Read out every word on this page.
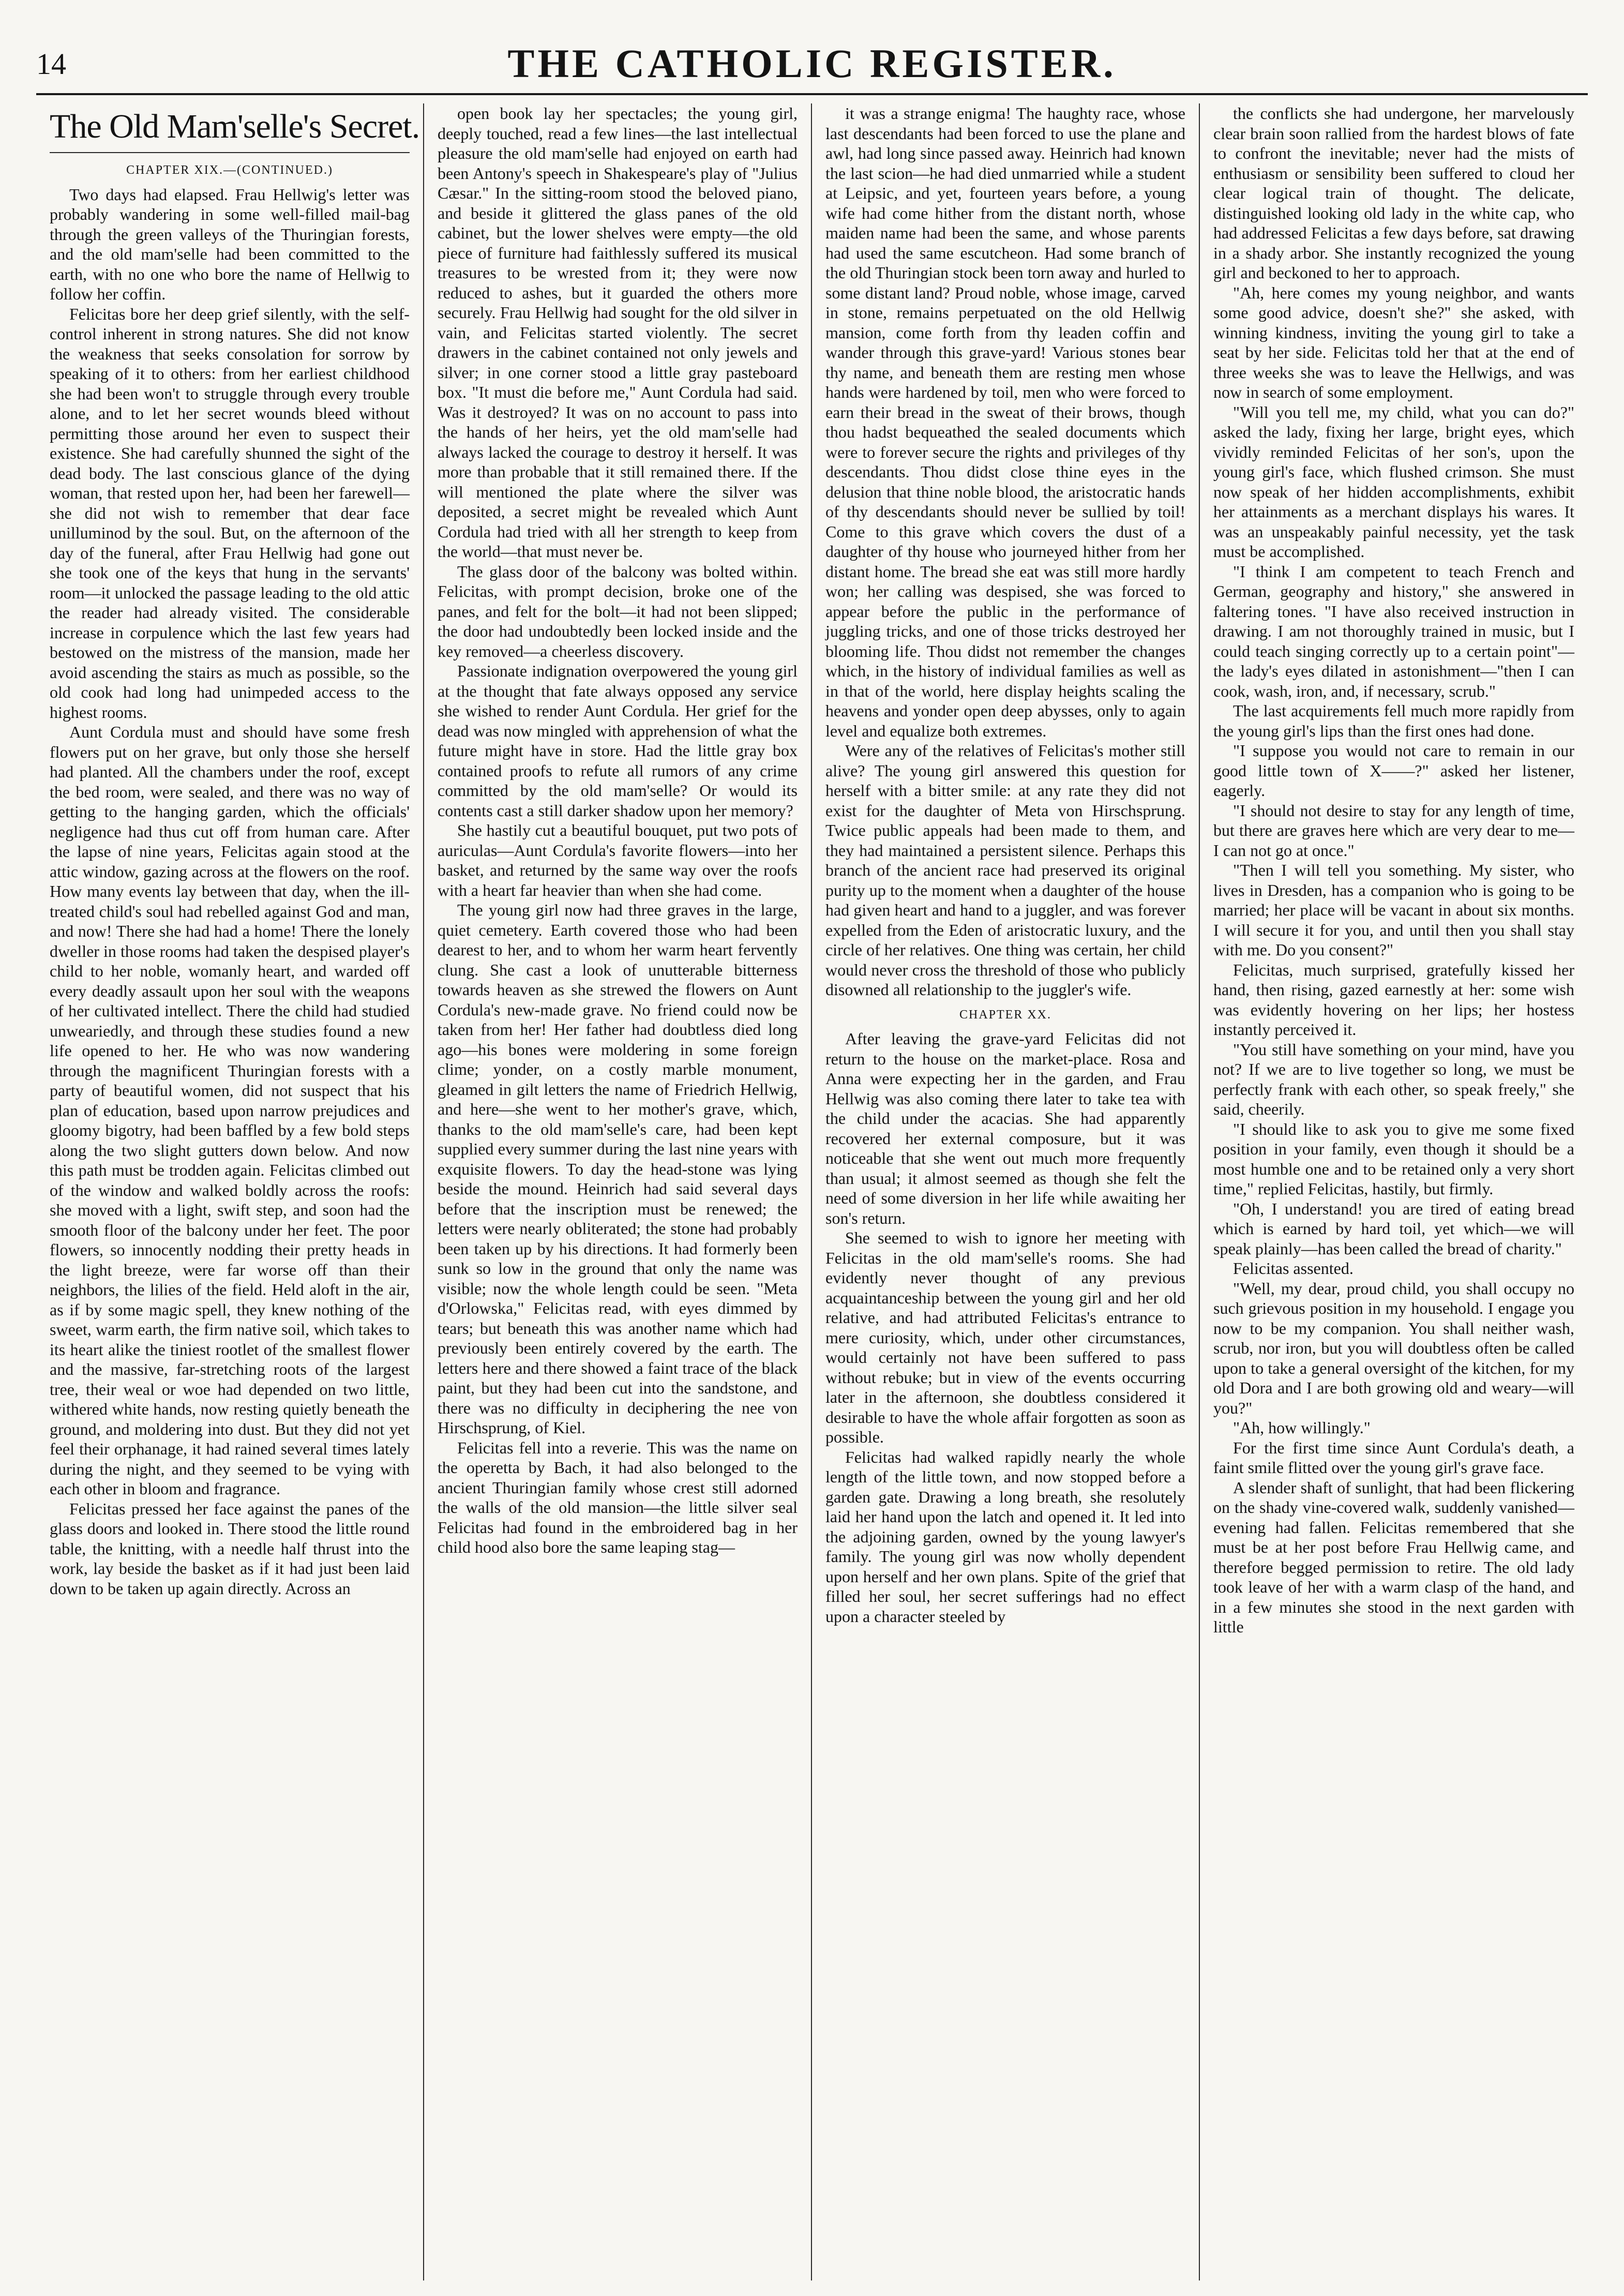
14	THE CATHOLIC REGISTER.
The Old Mam'selle's Secret.
CHAPTER XIX.—(CONTINUED.)

Two days had elapsed. Frau Hellwig's letter was probably wandering in some well-filled mail-bag through the green valleys of the Thuringian forests, and the old mam'selle had been committed to the earth, with no one who bore the name of Hellwig to follow her coffin.

Felicitas bore her deep grief silently, with the self-control inherent in strong natures. She did not know the weakness that seeks consolation for sorrow by speaking of it to others: from her earliest childhood she had been won't to struggle through every trouble alone, and to let her secret wounds bleed without permitting those around her even to suspect their existence. She had carefully shunned the sight of the dead body. The last conscious glance of the dying woman, that rested upon her, had been her farewell—she did not wish to remember that dear face unilluminod by the soul. But, on the afternoon of the day of the funeral, after Frau Hellwig had gone out she took one of the keys that hung in the servants' room—it unlocked the passage leading to the old attic the reader had already visited. The considerable increase in corpulence which the last few years had bestowed on the mistress of the mansion, made her avoid ascending the stairs as much as possible, so the old cook had long had unimpeded access to the highest rooms.

Aunt Cordula must and should have some fresh flowers put on her grave, but only those she herself had planted. All the chambers under the roof, except the bed room, were sealed, and there was no way of getting to the hanging garden, which the officials' negligence had thus cut off from human care. After the lapse of nine years, Felicitas again stood at the attic window, gazing across at the flowers on the roof. How many events lay between that day, when the ill-treated child's soul had rebelled against God and man, and now! There she had had a home! There the lonely dweller in those rooms had taken the despised player's child to her noble, womanly heart, and warded off every deadly assault upon her soul with the weapons of her cultivated intellect. There the child had studied unweariedly, and through these studies found a new life opened to her. He who was now wandering through the magnificent Thuringian forests with a party of beautiful women, did not suspect that his plan of education, based upon narrow prejudices and gloomy bigotry, had been baffled by a few bold steps along the two slight gutters down below. And now this path must be trodden again. Felicitas climbed out of the window and walked boldly across the roofs: she moved with a light, swift step, and soon had the smooth floor of the balcony under her feet. The poor flowers, so innocently nodding their pretty heads in the light breeze, were far worse off than their neighbors, the lilies of the field. Held aloft in the air, as if by some magic spell, they knew nothing of the sweet, warm earth, the firm native soil, which takes to its heart alike the tiniest rootlet of the smallest flower and the massive, far-stretching roots of the largest tree, their weal or woe had depended on two little, withered white hands, now resting quietly beneath the ground, and moldering into dust. But they did not yet feel their orphanage, it had rained several times lately during the night, and they seemed to be vying with each other in bloom and fragrance.

Felicitas pressed her face against the panes of the glass doors and looked in. There stood the little round table, the knitting, with a needle half thrust into the work, lay beside the basket as if it had just been laid down to be taken up again directly. Across an

open book lay her spectacles; the young girl, deeply touched, read a few lines—the last intellectual pleasure the old mam'selle had enjoyed on earth had been Antony's speech in Shakespeare's play of "Julius Cæsar." In the sitting-room stood the beloved piano, and beside it glittered the glass panes of the old cabinet, but the lower shelves were empty—the old piece of furniture had faithlessly suffered its musical treasures to be wrested from it; they were now reduced to ashes, but it guarded the others more securely. Frau Hellwig had sought for the old silver in vain, and Felicitas started violently. The secret drawers in the cabinet contained not only jewels and silver; in one corner stood a little gray pasteboard box. "It must die before me," Aunt Cordula had said. Was it destroyed? It was on no account to pass into the hands of her heirs, yet the old mam'selle had always lacked the courage to destroy it herself. It was more than probable that it still remained there. If the will mentioned the plate where the silver was deposited, a secret might be revealed which Aunt Cordula had tried with all her strength to keep from the world—that must never be.

The glass door of the balcony was bolted within. Felicitas, with prompt decision, broke one of the panes, and felt for the bolt—it had not been slipped; the door had undoubtedly been locked inside and the key removed—a cheerless discovery.

Passionate indignation overpowered the young girl at the thought that fate always opposed any service she wished to render Aunt Cordula. Her grief for the dead was now mingled with apprehension of what the future might have in store. Had the little gray box contained proofs to refute all rumors of any crime committed by the old mam'selle? Or would its contents cast a still darker shadow upon her memory?

She hastily cut a beautiful bouquet, put two pots of auriculas—Aunt Cordula's favorite flowers—into her basket, and returned by the same way over the roofs with a heart far heavier than when she had come.

The young girl now had three graves in the large, quiet cemetery. Earth covered those who had been dearest to her, and to whom her warm heart fervently clung. She cast a look of unutterable bitterness towards heaven as she strewed the flowers on Aunt Cordula's new-made grave. No friend could now be taken from her! Her father had doubtless died long ago—his bones were moldering in some foreign clime; yonder, on a costly marble monument, gleamed in gilt letters the name of Friedrich Hellwig, and here—she went to her mother's grave, which, thanks to the old mam'selle's care, had been kept supplied every summer during the last nine years with exquisite flowers. To day the head-stone was lying beside the mound. Heinrich had said several days before that the inscription must be renewed; the letters were nearly obliterated; the stone had probably been taken up by his directions. It had formerly been sunk so low in the ground that only the name was visible; now the whole length could be seen. "Meta d'Orlowska," Felicitas read, with eyes dimmed by tears; but beneath this was another name which had previously been entirely covered by the earth. The letters here and there showed a faint trace of the black paint, but they had been cut into the sandstone, and there was no difficulty in deciphering the nee von Hirschsprung, of Kiel.

Felicitas fell into a reverie. This was the name on the operetta by Bach, it had also belonged to the ancient Thuringian family whose crest still adorned the walls of the old mansion—the little silver seal Felicitas had found in the embroidered bag in her child hood also bore the same leaping stag—

it was a strange enigma! The haughty race, whose last descendants had been forced to use the plane and awl, had long since passed away. Heinrich had known the last scion—he had died unmarried while a student at Leipsic, and yet, fourteen years before, a young wife had come hither from the distant north, whose maiden name had been the same, and whose parents had used the same escutcheon. Had some branch of the old Thuringian stock been torn away and hurled to some distant land? Proud noble, whose image, carved in stone, remains perpetuated on the old Hellwig mansion, come forth from thy leaden coffin and wander through this grave-yard! Various stones bear thy name, and beneath them are resting men whose hands were hardened by toil, men who were forced to earn their bread in the sweat of their brows, though thou hadst bequeathed the sealed documents which were to forever secure the rights and privileges of thy descendants. Thou didst close thine eyes in the delusion that thine noble blood, the aristocratic hands of thy descendants should never be sullied by toil! Come to this grave which covers the dust of a daughter of thy house who journeyed hither from her distant home. The bread she eat was still more hardly won; her calling was despised, she was forced to appear before the public in the performance of juggling tricks, and one of those tricks destroyed her blooming life. Thou didst not remember the changes which, in the history of individual families as well as in that of the world, here display heights scaling the heavens and yonder open deep abysses, only to again level and equalize both extremes.

Were any of the relatives of Felicitas's mother still alive? The young girl answered this question for herself with a bitter smile: at any rate they did not exist for the daughter of Meta von Hirschsprung. Twice public appeals had been made to them, and they had maintained a persistent silence. Perhaps this branch of the ancient race had preserved its original purity up to the moment when a daughter of the house had given heart and hand to a juggler, and was forever expelled from the Eden of aristocratic luxury, and the circle of her relatives. One thing was certain, her child would never cross the threshold of those who publicly disowned all relationship to the juggler's wife.

CHAPTER XX.

After leaving the grave-yard Felicitas did not return to the house on the market-place. Rosa and Anna were expecting her in the garden, and Frau Hellwig was also coming there later to take tea with the child under the acacias. She had apparently recovered her external composure, but it was noticeable that she went out much more frequently than usual; it almost seemed as though she felt the need of some diversion in her life while awaiting her son's return.

She seemed to wish to ignore her meeting with Felicitas in the old mam'selle's rooms. She had evidently never thought of any previous acquaintanceship between the young girl and her old relative, and had attributed Felicitas's entrance to mere curiosity, which, under other circumstances, would certainly not have been suffered to pass without rebuke; but in view of the events occurring later in the afternoon, she doubtless considered it desirable to have the whole affair forgotten as soon as possible.

Felicitas had walked rapidly nearly the whole length of the little town, and now stopped before a garden gate. Drawing a long breath, she resolutely laid her hand upon the latch and opened it. It led into the adjoining garden, owned by the young lawyer's family. The young girl was now wholly dependent upon herself and her own plans. Spite of the grief that filled her soul, her secret sufferings had no effect upon a character steeled by

the conflicts she had undergone, her marvelously clear brain soon rallied from the hardest blows of fate to confront the inevitable; never had the mists of enthusiasm or sensibility been suffered to cloud her clear logical train of thought. The delicate, distinguished looking old lady in the white cap, who had addressed Felicitas a few days before, sat drawing in a shady arbor. She instantly recognized the young girl and beckoned to her to approach.

"Ah, here comes my young neighbor, and wants some good advice, doesn't she?" she asked, with winning kindness, inviting the young girl to take a seat by her side. Felicitas told her that at the end of three weeks she was to leave the Hellwigs, and was now in search of some employment.

"Will you tell me, my child, what you can do?" asked the lady, fixing her large, bright eyes, which vividly reminded Felicitas of her son's, upon the young girl's face, which flushed crimson. She must now speak of her hidden accomplishments, exhibit her attainments as a merchant displays his wares. It was an unspeakably painful necessity, yet the task must be accomplished.

"I think I am competent to teach French and German, geography and history," she answered in faltering tones. "I have also received instruction in drawing. I am not thoroughly trained in music, but I could teach singing correctly up to a certain point"—the lady's eyes dilated in astonishment—"then I can cook, wash, iron, and, if necessary, scrub."

The last acquirements fell much more rapidly from the young girl's lips than the first ones had done.

"I suppose you would not care to remain in our good little town of X——?" asked her listener, eagerly.

"I should not desire to stay for any length of time, but there are graves here which are very dear to me—I can not go at once."

"Then I will tell you something. My sister, who lives in Dresden, has a companion who is going to be married; her place will be vacant in about six months. I will secure it for you, and until then you shall stay with me. Do you consent?"

Felicitas, much surprised, gratefully kissed her hand, then rising, gazed earnestly at her: some wish was evidently hovering on her lips; her hostess instantly perceived it.

"You still have something on your mind, have you not? If we are to live together so long, we must be perfectly frank with each other, so speak freely," she said, cheerily.

"I should like to ask you to give me some fixed position in your family, even though it should be a most humble one and to be retained only a very short time," replied Felicitas, hastily, but firmly.

"Oh, I understand! you are tired of eating bread which is earned by hard toil, yet which—we will speak plainly—has been called the bread of charity."

Felicitas assented.

"Well, my dear, proud child, you shall occupy no such grievous position in my household. I engage you now to be my companion. You shall neither wash, scrub, nor iron, but you will doubtless often be called upon to take a general oversight of the kitchen, for my old Dora and I are both growing old and weary—will you?"

"Ah, how willingly."

For the first time since Aunt Cordula's death, a faint smile flitted over the young girl's grave face.

A slender shaft of sunlight, that had been flickering on the shady vine-covered walk, suddenly vanished—evening had fallen. Felicitas remembered that she must be at her post before Frau Hellwig came, and therefore begged permission to retire. The old lady took leave of her with a warm clasp of the hand, and in a few minutes she stood in the next garden with little
